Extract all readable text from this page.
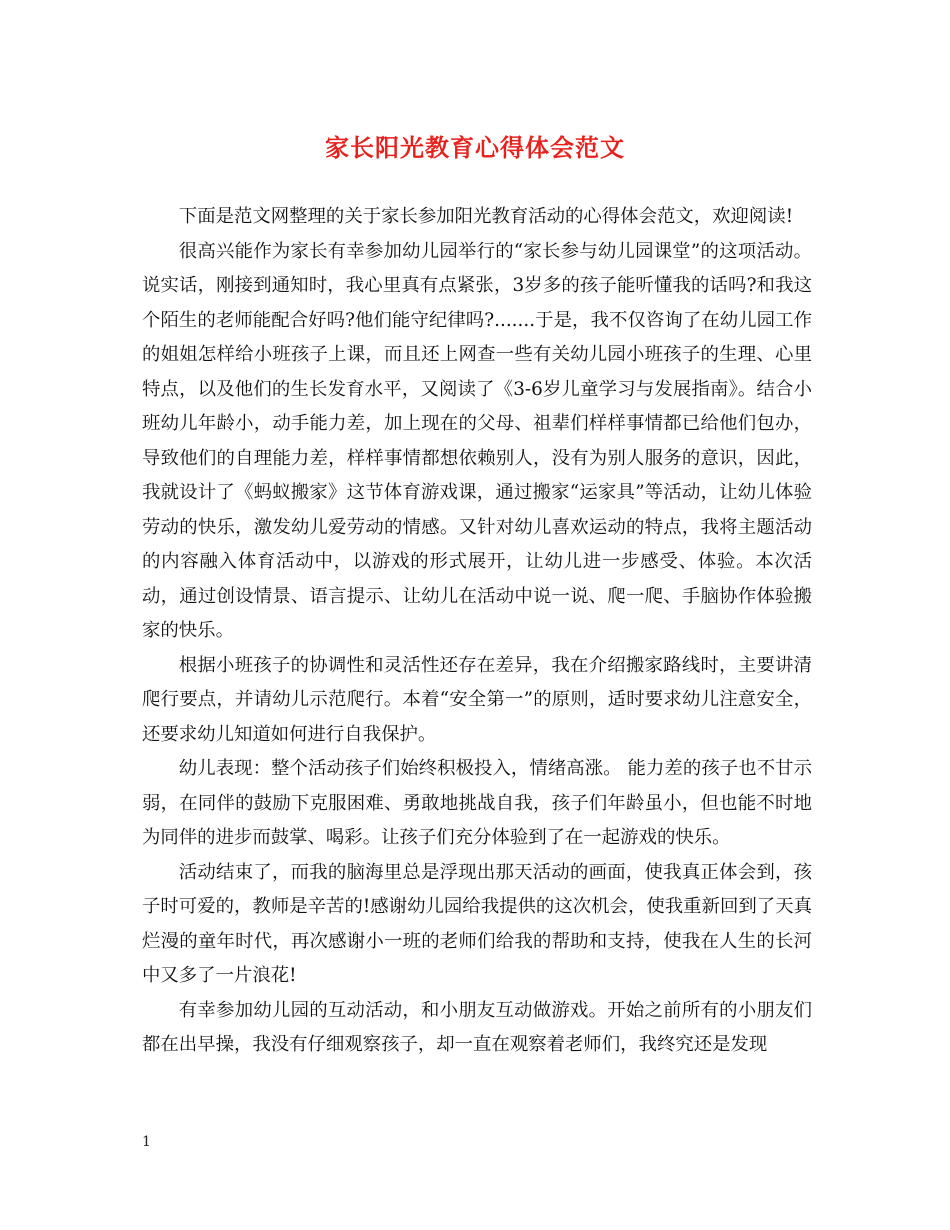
家长阳光教育心得体会范文

下面是范文网整理的关于家长参加阳光教育活动的心得体会范文，欢迎阅读!

很高兴能作为家长有幸参加幼儿园举行的“家长参与幼儿园课堂”的这项活动。说实话，刚接到通知时，我心里真有点紧张，3岁多的孩子能听懂我的话吗?和我这个陌生的老师能配合好吗?他们能守纪律吗?.......于是，我不仅咨询了在幼儿园工作的姐姐怎样给小班孩子上课，而且还上网查一些有关幼儿园小班孩子的生理、心里特点，以及他们的生长发育水平，又阅读了《3-6岁儿童学习与发展指南》。结合小班幼儿年龄小，动手能力差，加上现在的父母、祖辈们样样事情都已给他们包办，导致他们的自理能力差，样样事情都想依赖别人，没有为别人服务的意识，因此，我就设计了《蚂蚁搬家》这节体育游戏课，通过搬家“运家具”等活动，让幼儿体验劳动的快乐，激发幼儿爱劳动的情感。又针对幼儿喜欢运动的特点，我将主题活动的内容融入体育活动中，以游戏的形式展开，让幼儿进一步感受、体验。本次活动，通过创设情景、语言提示、让幼儿在活动中说一说、爬一爬、手脑协作体验搬家的快乐。

根据小班孩子的协调性和灵活性还存在差异，我在介绍搬家路线时，主要讲清爬行要点，并请幼儿示范爬行。本着“安全第一”的原则，适时要求幼儿注意安全，还要求幼儿知道如何进行自我保护。

幼儿表现：整个活动孩子们始终积极投入，情绪高涨。 能力差的孩子也不甘示弱，在同伴的鼓励下克服困难、勇敢地挑战自我，孩子们年龄虽小，但也能不时地为同伴的进步而鼓掌、喝彩。让孩子们充分体验到了在一起游戏的快乐。

活动结束了，而我的脑海里总是浮现出那天活动的画面，使我真正体会到，孩子时可爱的，教师是辛苦的!感谢幼儿园给我提供的这次机会，使我重新回到了天真烂漫的童年时代，再次感谢小一班的老师们给我的帮助和支持，使我在人生的长河中又多了一片浪花!

有幸参加幼儿园的互动活动，和小朋友互动做游戏。开始之前所有的小朋友们都在出早操，我没有仔细观察孩子，却一直在观察着老师们，我终究还是发现

1
